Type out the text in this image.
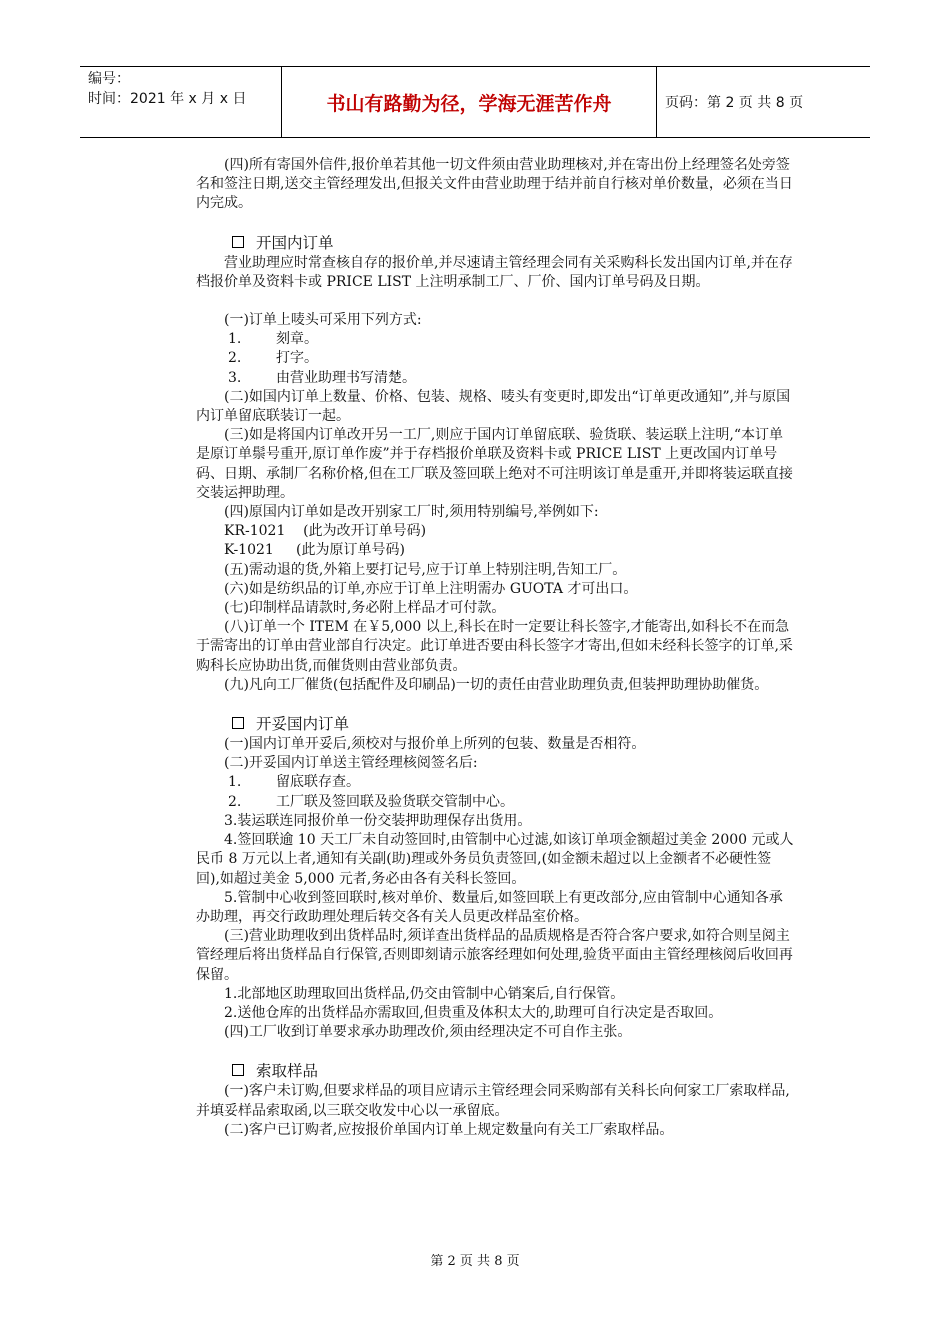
编号：
时间：2021 年 x 月 x 日	书山有路勤为径，学海无涯苦作舟	页码：第 2 页 共 8 页

(四)所有寄国外信件,报价单若其他一切文件须由营业助理核对,并在寄出份上经理签名处旁签名和签注日期,送交主管经理发出,但报关文件由营业助理于结并前自行核对单价数量，必须在当日内完成。

开国内订单

营业助理应时常查核自存的报价单,并尽速请主管经理会同有关采购科长发出国内订单,并在存档报价单及资料卡或 PRICE LIST 上注明承制工厂、厂价、国内订单号码及日期。

(一)订单上唛头可采用下列方式:

1. 刻章。
2. 打字。
3. 由营业助理书写清楚。

(二)如国内订单上数量、价格、包装、规格、唛头有变更时,即发出“订单更改通知”,并与原国内订单留底联装订一起。

(三)如是将国内订单改开另一工厂,则应于国内订单留底联、验货联、装运联上注明,“本订单是原订单鬃号重开,原订单作废”并于存档报价单联及资料卡或 PRICE LIST 上更改国内订单号码、日期、承制厂名称价格,但在工厂联及签回联上绝对不可注明该订单是重开,并即将装运联直接交装运押助理。

(四)原国内订单如是改开别家工厂时,须用特别编号,举例如下:

KR-1021    (此为改开订单号码)

K-1021     (此为原订单号码)

(五)需动退的货,外箱上要打记号,应于订单上特别注明,告知工厂。

(六)如是纺织品的订单,亦应于订单上注明需办 GUOTA 才可出口。

(七)印制样品请款时,务必附上样品才可付款。

(八)订单一个 ITEM 在￥5,000 以上,科长在时一定要让科长签字,才能寄出,如科长不在而急于需寄出的订单由营业部自行决定。此订单进否要由科长签字才寄出,但如未经科长签字的订单,采购科长应协助出货,而催货则由营业部负责。

(九)凡向工厂催货(包括配件及印刷品)一切的责任由营业助理负责,但装押助理协助催货。

开妥国内订单

(一)国内订单开妥后,须校对与报价单上所列的包装、数量是否相符。

(二)开妥国内订单送主管经理核阅签名后:

1. 留底联存查。
2. 工厂联及签回联及验货联交管制中心。

3.装运联连同报价单一份交装押助理保存出货用。

4.签回联逾 10 天工厂未自动签回时,由管制中心过滤,如该订单项金额超过美金 2000 元或人民币 8 万元以上者,通知有关副(助)理或外务员负责签回,(如金额未超过以上金额者不必硬性签回),如超过美金 5,000 元者,务必由各有关科长签回。

5.管制中心收到签回联时,核对单价、数量后,如签回联上有更改部分,应由管制中心通知各承办助理，再交行政助理处理后转交各有关人员更改样品室价格。

(三)营业助理收到出货样品时,须详查出货样品的品质规格是否符合客户要求,如符合则呈阅主管经理后将出货样品自行保管,否则即刻请示旅客经理如何处理,验货平面由主管经理核阅后收回再保留。

1.北部地区助理取回出货样品,仍交由管制中心销案后,自行保管。

2.送他仓库的出货样品亦需取回,但贵重及体积太大的,助理可自行决定是否取回。

(四)工厂收到订单要求承办助理改价,须由经理决定不可自作主张。

索取样品

(一)客户未订购,但要求样品的项目应请示主管经理会同采购部有关科长向何家工厂索取样品,并填妥样品索取函,以三联交收发中心以一承留底。

(二)客户已订购者,应按报价单国内订单上规定数量向有关工厂索取样品。

第 2 页 共 8 页
